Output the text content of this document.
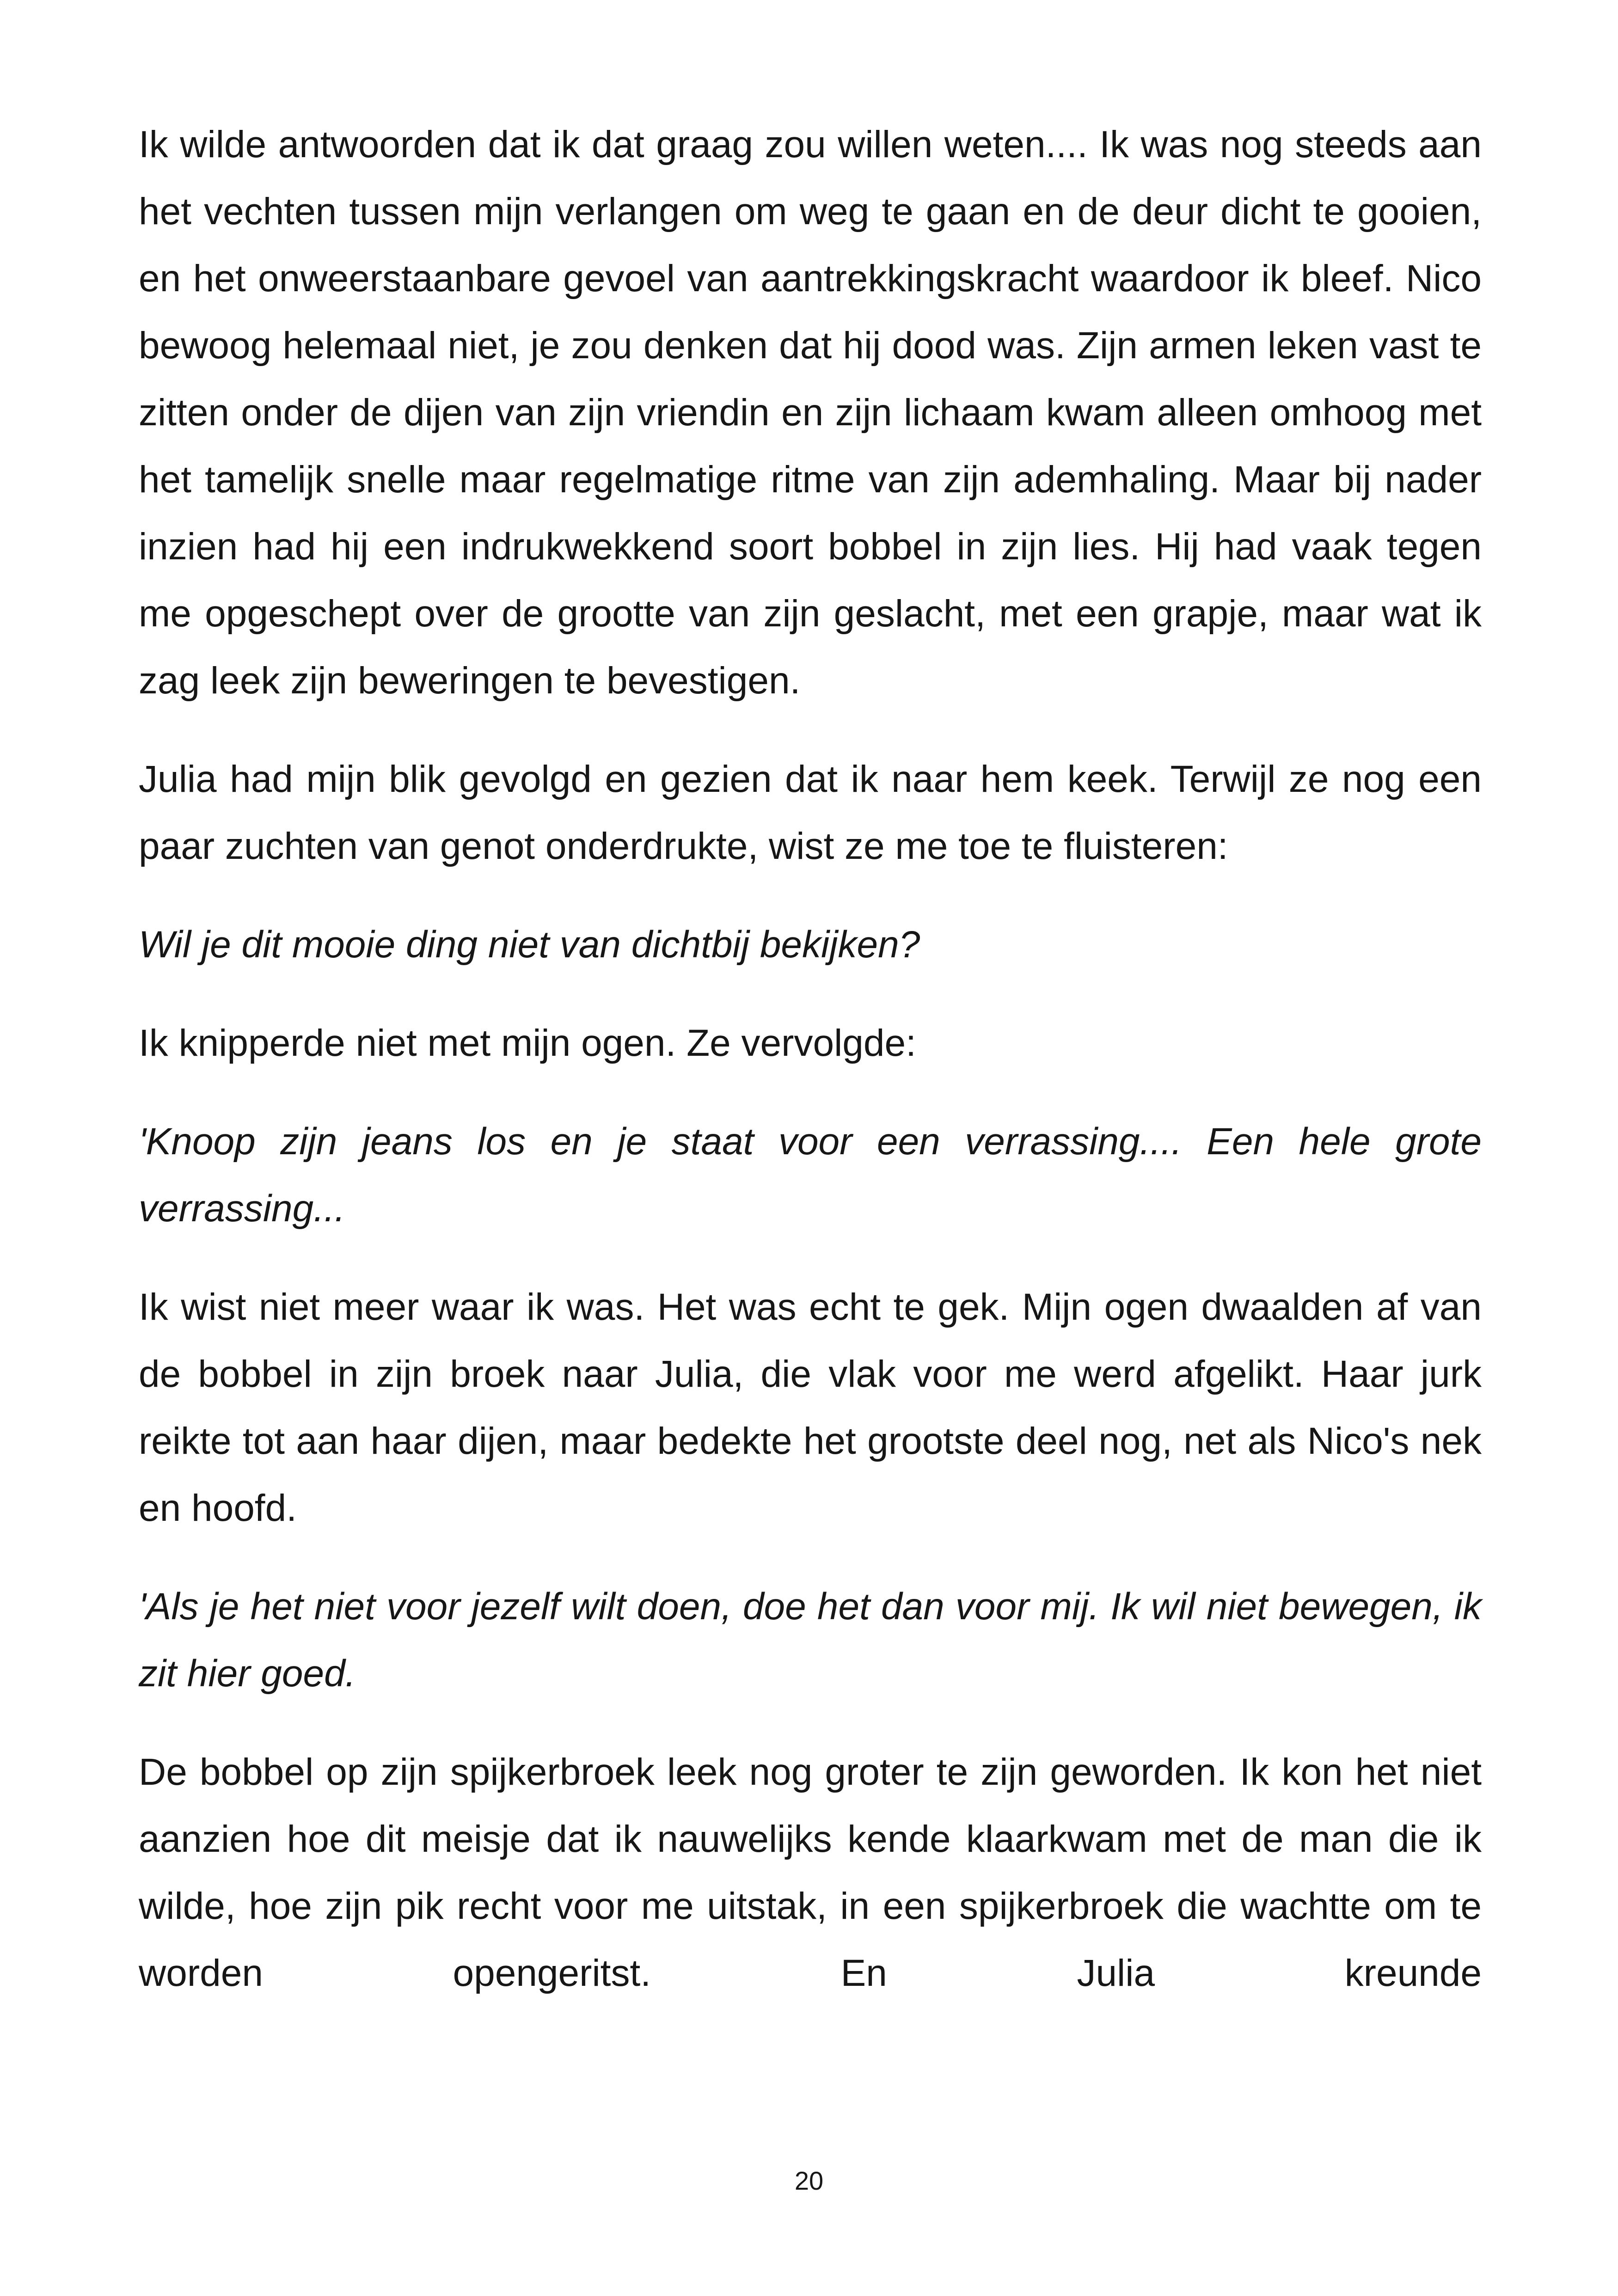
Ik wilde antwoorden dat ik dat graag zou willen weten.... Ik was nog steeds aan het vechten tussen mijn verlangen om weg te gaan en de deur dicht te gooien, en het onweerstaanbare gevoel van aantrekkingskracht waardoor ik bleef. Nico bewoog helemaal niet, je zou denken dat hij dood was. Zijn armen leken vast te zitten onder de dijen van zijn vriendin en zijn lichaam kwam alleen omhoog met het tamelijk snelle maar regelmatige ritme van zijn ademhaling. Maar bij nader inzien had hij een indrukwekkend soort bobbel in zijn lies. Hij had vaak tegen me opgeschept over de grootte van zijn geslacht, met een grapje, maar wat ik zag leek zijn beweringen te bevestigen.

Julia had mijn blik gevolgd en gezien dat ik naar hem keek. Terwijl ze nog een paar zuchten van genot onderdrukte, wist ze me toe te fluisteren:

Wil je dit mooie ding niet van dichtbij bekijken?

Ik knipperde niet met mijn ogen. Ze vervolgde:

'Knoop zijn jeans los en je staat voor een verrassing.... Een hele grote verrassing...

Ik wist niet meer waar ik was. Het was echt te gek. Mijn ogen dwaalden af van de bobbel in zijn broek naar Julia, die vlak voor me werd afgelikt. Haar jurk reikte tot aan haar dijen, maar bedekte het grootste deel nog, net als Nico's nek en hoofd.

'Als je het niet voor jezelf wilt doen, doe het dan voor mij. Ik wil niet bewegen, ik zit hier goed.

De bobbel op zijn spijkerbroek leek nog groter te zijn geworden. Ik kon het niet aanzien hoe dit meisje dat ik nauwelijks kende klaarkwam met de man die ik wilde, hoe zijn pik recht voor me uitstak, in een spijkerbroek die wachtte om te worden opengeritst. En Julia kreunde

20
